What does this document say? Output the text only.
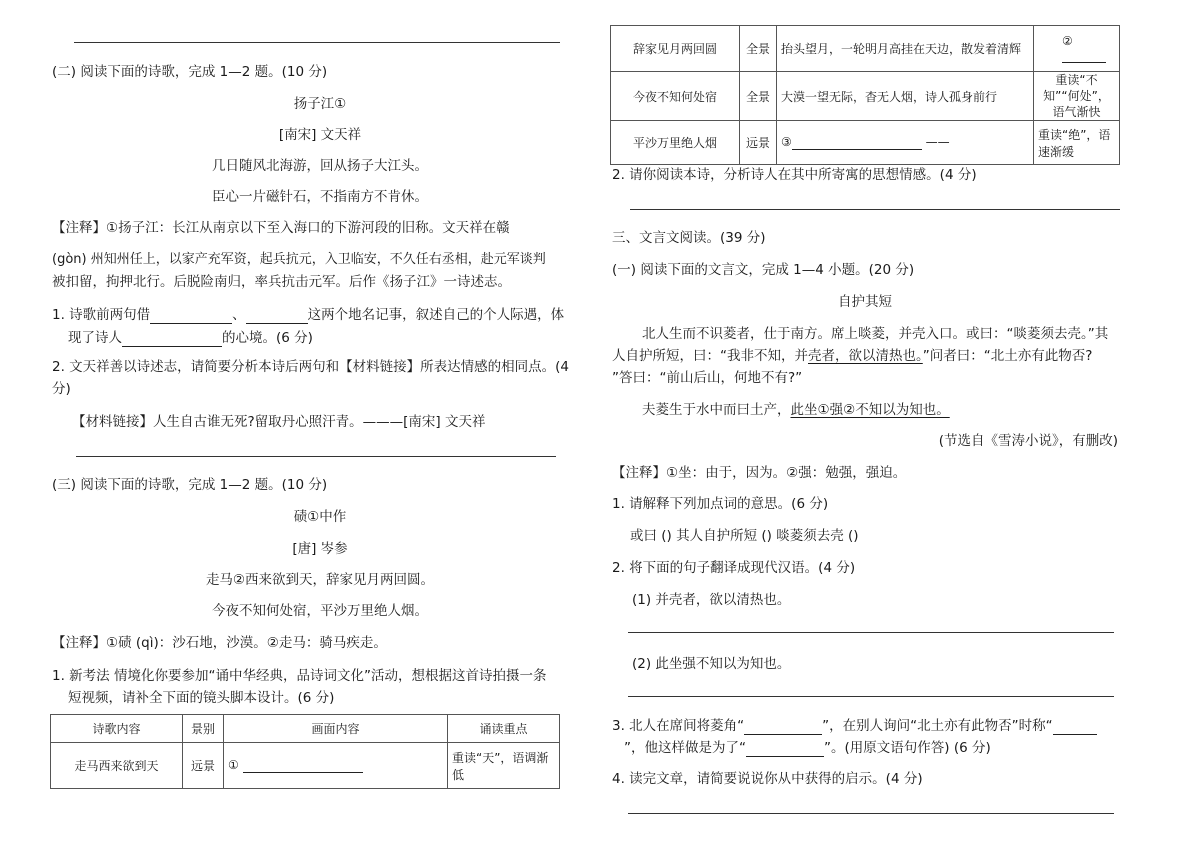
(二) 阅读下面的诗歌，完成 1—2 题。(10 分)
扬子江①
[南宋] 文天祥
几日随风北海游，回从扬子大江头。
臣心一片磁针石，不指南方不肯休。
【注释】①扬子江：长江从南京以下至入海口的下游河段的旧称。文天祥在赣
(gòn) 州知州任上，以家产充军资，起兵抗元，入卫临安，不久任右丞相，赴元军谈判
被扣留，拘押北行。后脱险南归，率兵抗击元军。后作《扬子江》一诗述志。
1. 诗歌前两句借	、	这两个地名记事，叙述自己的个人际遇，体
现了诗人	的心境。(6 分)
2. 文天祥善以诗述志，请简要分析本诗后两句和【材料链接】所表达情感的相同点。(4
分)
【材料链接】人生自古谁无死?留取丹心照汗青。———[南宋] 文天祥
(三) 阅读下面的诗歌，完成 1—2 题。(10 分)
碛①中作
[唐] 岑参
走马②西来欲到天，辞家见月两回圆。
今夜不知何处宿，平沙万里绝人烟。
【注释】①碛 (qì)：沙石地，沙漠。②走马：骑马疾走。
1. 新考法 情境化你要参加“诵中华经典，品诗词文化”活动，想根据这首诗拍摄一条
短视频，请补全下面的镜头脚本设计。(6 分)
诗歌内容	景别	画面内容	诵读重点
走马西来欲到天	远景	①	重读“天”，语调渐低
辞家见月两回圆	全景	抬头望月，一轮明月高挂在天边，散发着清辉	②
今夜不知何处宿	全景	大漠一望无际，杳无人烟，诗人孤身前行	重读“不知”“何处”，语气渐快
平沙万里绝人烟	远景	③ ——	重读“绝”，语速渐缓
2. 请你阅读本诗，分析诗人在其中所寄寓的思想情感。(4 分)
三、文言文阅读。(39 分)
(一) 阅读下面的文言文，完成 1—4 小题。(20 分)
自护其短
北人生而不识菱者，仕于南方。席上啖菱，并壳入口。或曰：“啖菱须去壳。”其
人自护所短，曰：“我非不知，并壳者，欲以清热也。”问者曰：“北土亦有此物否?
”答曰：“前山后山，何地不有?”
夫菱生于水中而曰土产，此坐①强②不知以为知也。
(节选自《雪涛小说》，有删改)
【注释】①坐：由于，因为。②强：勉强，强迫。
1. 请解释下列加点词的意思。(6 分)
或曰 () 其人自护所短 () 啖菱须去壳 ()
2. 将下面的句子翻译成现代汉语。(4 分)
(1) 并壳者，欲以清热也。
(2) 此坐强不知以为知也。
3. 北人在席间将菱角“	”，在别人询问“北土亦有此物否”时称“
”，他这样做是为了“	”。(用原文语句作答) (6 分)
4. 读完文章，请简要说说你从中获得的启示。(4 分)
